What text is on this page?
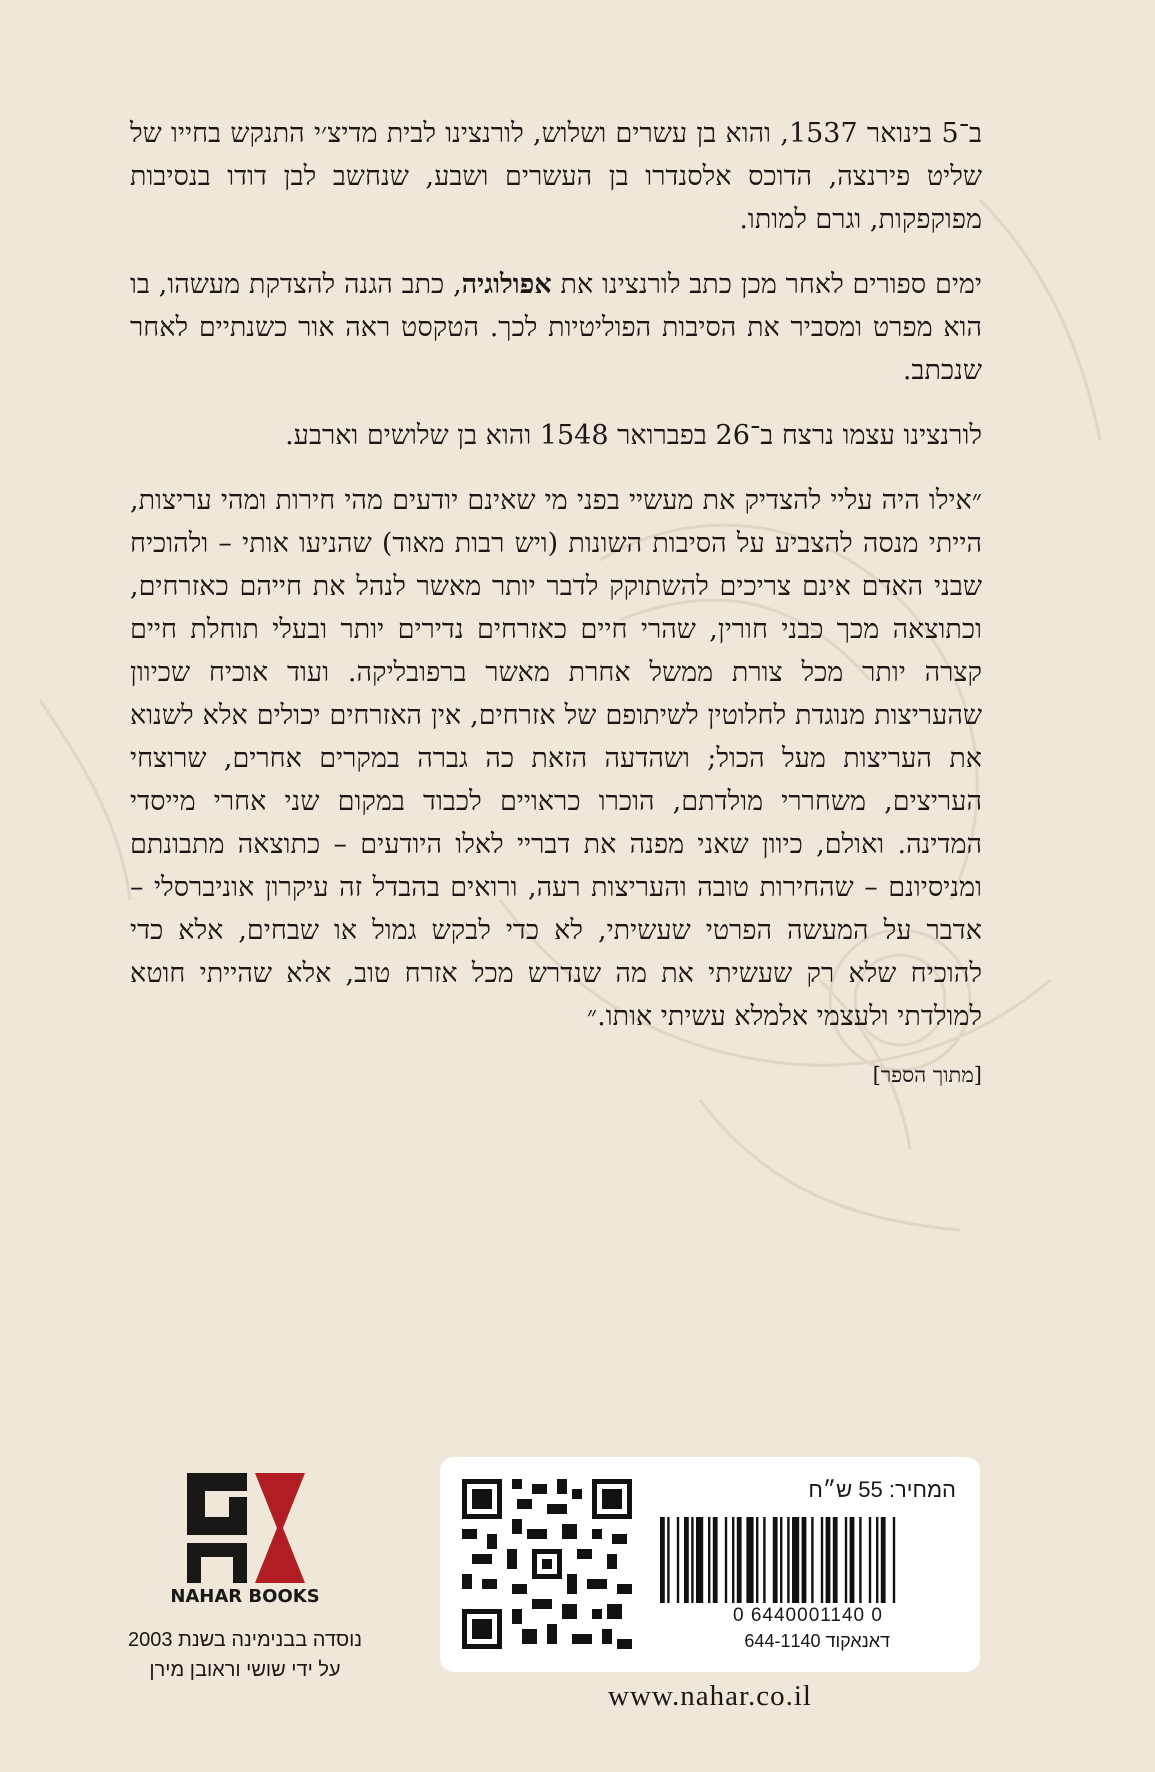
ב־5 בינואר 1537, והוא בן עשרים ושלוש, לורנצינו לבית מדיצ׳י התנקש בחייו של שליט פירנצה, הדוכס אלסנדרו בן העשרים ושבע, שנחשב לבן דודו בנסיבות מפוקפקות, וגרם למותו.

ימים ספורים לאחר מכן כתב לורנצינו את אפולוגיה, כתב הגנה להצדקת מעשהו, בו הוא מפרט ומסביר את הסיבות הפוליטיות לכך. הטקסט ראה אור כשנתיים לאחר שנכתב.

לורנצינו עצמו נרצח ב־26 בפברואר 1548 והוא בן שלושים וארבע.

״אילו היה עליי להצדיק את מעשיי בפני מי שאינם יודעים מהי חירות ומהי עריצות, הייתי מנסה להצביע על הסיבות השונות (ויש רבות מאוד) שהניעו אותי – ולהוכיח שבני האדם אינם צריכים להשתוקק לדבר יותר מאשר לנהל את חייהם כאזרחים, וכתוצאה מכך כבני חורין, שהרי חיים כאזרחים נדירים יותר ובעלי תוחלת חיים קצרה יותר מכל צורת ממשל אחרת מאשר ברפובליקה. ועוד אוכיח שכיוון שהעריצות מנוגדת לחלוטין לשיתופם של אזרחים, אין האזרחים יכולים אלא לשנוא את העריצות מעל הכול; ושהדעה הזאת כה גברה במקרים אחרים, שרוצחי העריצים, משחררי מולדתם, הוכרו כראויים לכבוד במקום שני אחרי מייסדי המדינה. ואולם, כיוון שאני מפנה את דבריי לאלו היודעים – כתוצאה מתבונתם ומניסיונם – שהחירות טובה והעריצות רעה, ורואים בהבדל זה עיקרון אוניברסלי – אדבר על המעשה הפרטי שעשיתי, לא כדי לבקש גמול או שבחים, אלא כדי להוכיח שלא רק שעשיתי את מה שנדרש מכל אזרח טוב, אלא שהייתי חוטא למולדתי ולעצמי אלמלא עשיתי אותו.״

[מתוך הספר]

NAHAR BOOKS
נוסדה בבנימינה בשנת 2003
על ידי שושי וראובן מירן
המחיר: 55 ש״ח
0 6440001140 0
דאנאקוד 644-1140
www.nahar.co.il
